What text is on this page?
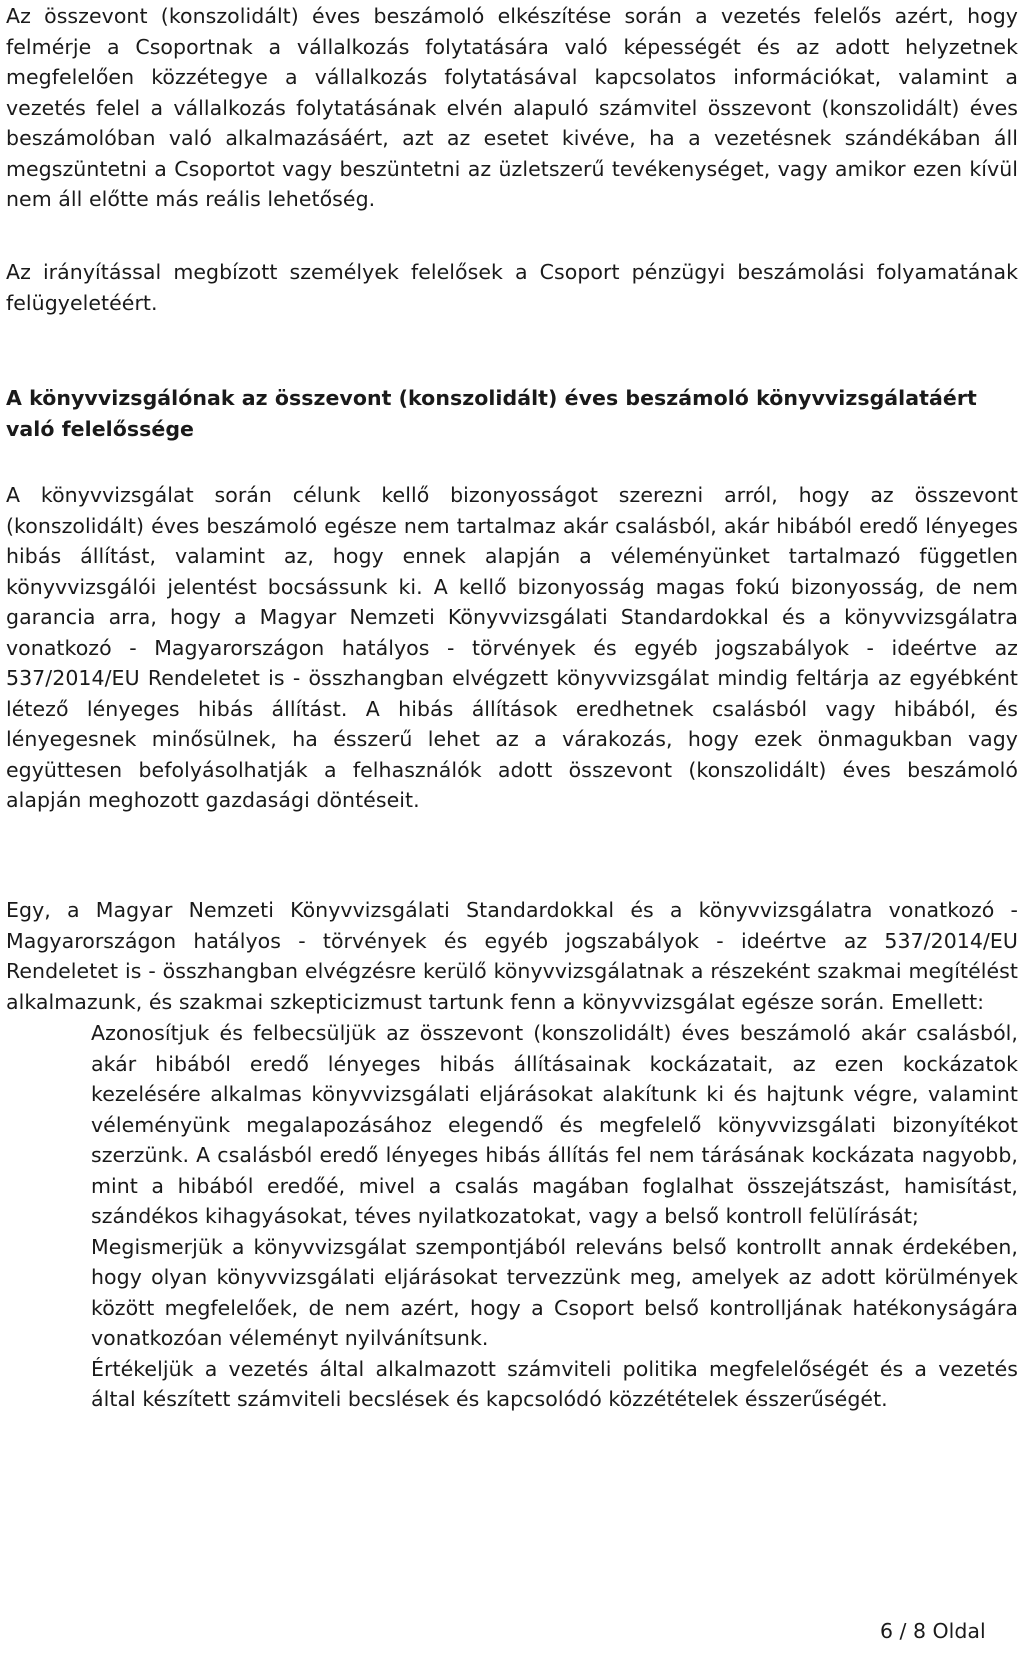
Az összevont (konszolidált) éves beszámoló elkészítése során a vezetés felelős azért, hogy felmérje a Csoportnak a vállalkozás folytatására való képességét és az adott helyzetnek megfelelően közzétegye a vállalkozás folytatásával kapcsolatos információkat, valamint a vezetés felel a vállalkozás folytatásának elvén alapuló számvitel összevont (konszolidált) éves beszámolóban való alkalmazásáért, azt az esetet kivéve, ha a vezetésnek szándékában áll megszüntetni a Csoportot vagy beszüntetni az üzletszerű tevékenységet, vagy amikor ezen kívül nem áll előtte más reális lehetőség.

Az irányítással megbízott személyek felelősek a Csoport pénzügyi beszámolási folyamatának felügyeletéért.

A könyvvizsgálónak az összevont (konszolidált) éves beszámoló könyvvizsgálatáért való felelőssége

A könyvvizsgálat során célunk kellő bizonyosságot szerezni arról, hogy az összevont (konszolidált) éves beszámoló egésze nem tartalmaz akár csalásból, akár hibából eredő lényeges hibás állítást, valamint az, hogy ennek alapján a véleményünket tartalmazó független könyvvizsgálói jelentést bocsássunk ki. A kellő bizonyosság magas fokú bizonyosság, de nem garancia arra, hogy a Magyar Nemzeti Könyvvizsgálati Standardokkal és a könyvvizsgálatra vonatkozó - Magyarországon hatályos - törvények és egyéb jogszabályok - ideértve az 537/2014/EU Rendeletet is - összhangban elvégzett könyvvizsgálat mindig feltárja az egyébként létező lényeges hibás állítást. A hibás állítások eredhetnek csalásból vagy hibából, és lényegesnek minősülnek, ha ésszerű lehet az a várakozás, hogy ezek önmagukban vagy együttesen befolyásolhatják a felhasználók adott összevont (konszolidált) éves beszámoló alapján meghozott gazdasági döntéseit.

Egy, a Magyar Nemzeti Könyvvizsgálati Standardokkal és a könyvvizsgálatra vonatkozó - Magyarországon hatályos - törvények és egyéb jogszabályok - ideértve az 537/2014/EU Rendeletet is - összhangban elvégzésre kerülő könyvvizsgálatnak a részeként szakmai megítélést alkalmazunk, és szakmai szkepticizmust tartunk fenn a könyvvizsgálat egésze során. Emellett:

Azonosítjuk és felbecsüljük az összevont (konszolidált) éves beszámoló akár csalásból, akár hibából eredő lényeges hibás állításainak kockázatait, az ezen kockázatok kezelésére alkalmas könyvvizsgálati eljárásokat alakítunk ki és hajtunk végre, valamint véleményünk megalapozásához elegendő és megfelelő könyvvizsgálati bizonyítékot szerzünk. A csalásból eredő lényeges hibás állítás fel nem tárásának kockázata nagyobb, mint a hibából eredőé, mivel a csalás magában foglalhat összejátszást, hamisítást, szándékos kihagyásokat, téves nyilatkozatokat, vagy a belső kontroll felülírását;
Megismerjük a könyvvizsgálat szempontjából releváns belső kontrollt annak érdekében, hogy olyan könyvvizsgálati eljárásokat tervezzünk meg, amelyek az adott körülmények között megfelelőek, de nem azért, hogy a Csoport belső kontrolljának hatékonyságára vonatkozóan véleményt nyilvánítsunk.
Értékeljük a vezetés által alkalmazott számviteli politika megfelelőségét és a vezetés által készített számviteli becslések és kapcsolódó közzétételek ésszerűségét.
6 / 8 Oldal
